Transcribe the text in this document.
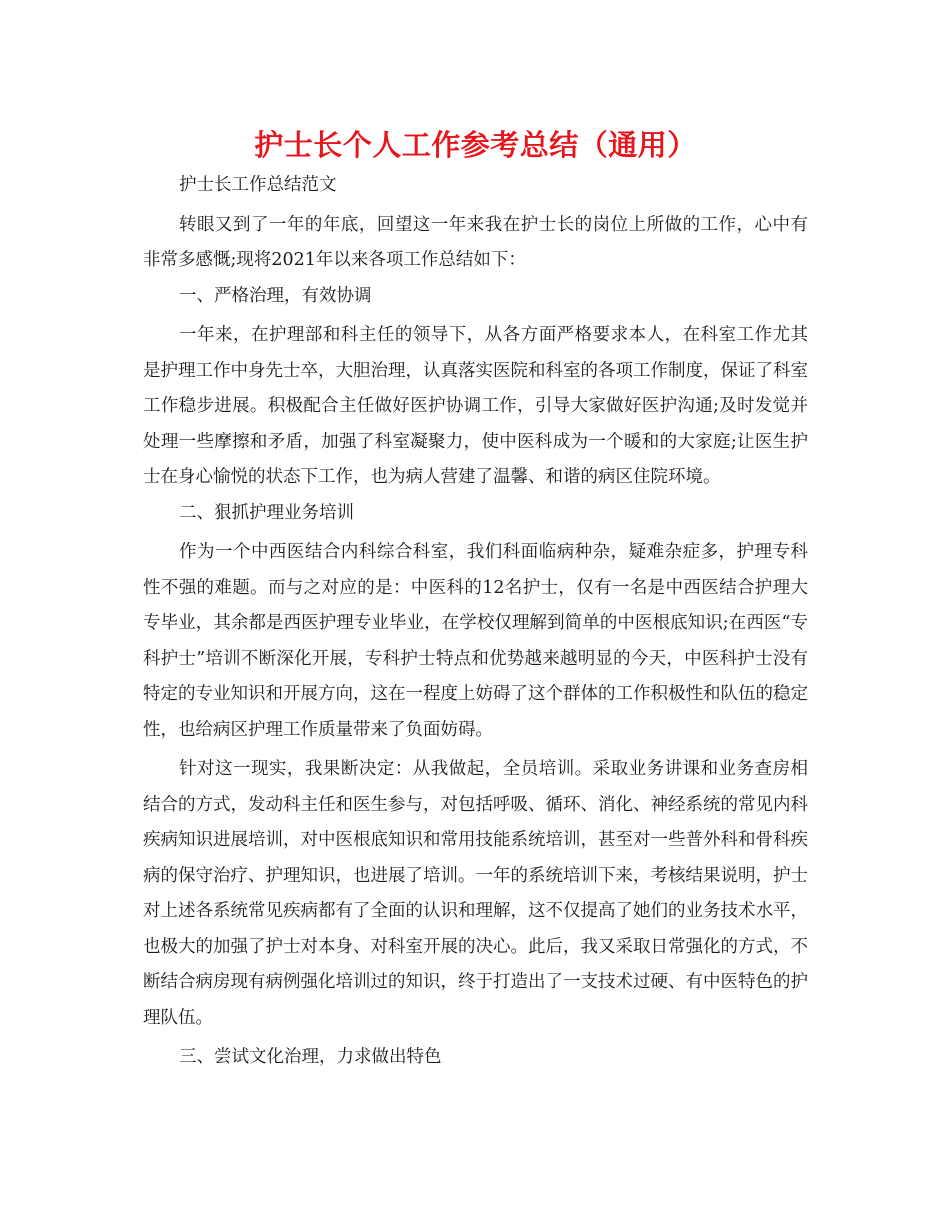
护士长个人工作参考总结（通用）

护士长工作总结范文

转眼又到了一年的年底，回望这一年来我在护士长的岗位上所做的工作，心中有非常多感慨;现将2021年以来各项工作总结如下：

一、严格治理，有效协调

一年来，在护理部和科主任的领导下，从各方面严格要求本人，在科室工作尤其是护理工作中身先士卒，大胆治理，认真落实医院和科室的各项工作制度，保证了科室工作稳步进展。积极配合主任做好医护协调工作，引导大家做好医护沟通;及时发觉并处理一些摩擦和矛盾，加强了科室凝聚力，使中医科成为一个暖和的大家庭;让医生护士在身心愉悦的状态下工作，也为病人营建了温馨、和谐的病区住院环境。

二、狠抓护理业务培训

作为一个中西医结合内科综合科室，我们科面临病种杂，疑难杂症多，护理专科性不强的难题。而与之对应的是：中医科的12名护士，仅有一名是中西医结合护理大专毕业，其余都是西医护理专业毕业，在学校仅理解到简单的中医根底知识;在西医“专科护士”培训不断深化开展，专科护士特点和优势越来越明显的今天，中医科护士没有特定的专业知识和开展方向，这在一程度上妨碍了这个群体的工作积极性和队伍的稳定性，也给病区护理工作质量带来了负面妨碍。

针对这一现实，我果断决定：从我做起，全员培训。采取业务讲课和业务查房相结合的方式，发动科主任和医生参与，对包括呼吸、循环、消化、神经系统的常见内科疾病知识进展培训，对中医根底知识和常用技能系统培训，甚至对一些普外科和骨科疾病的保守治疗、护理知识，也进展了培训。一年的系统培训下来，考核结果说明，护士对上述各系统常见疾病都有了全面的认识和理解，这不仅提高了她们的业务技术水平，也极大的加强了护士对本身、对科室开展的决心。此后，我又采取日常强化的方式，不断结合病房现有病例强化培训过的知识，终于打造出了一支技术过硬、有中医特色的护理队伍。

三、尝试文化治理，力求做出特色
